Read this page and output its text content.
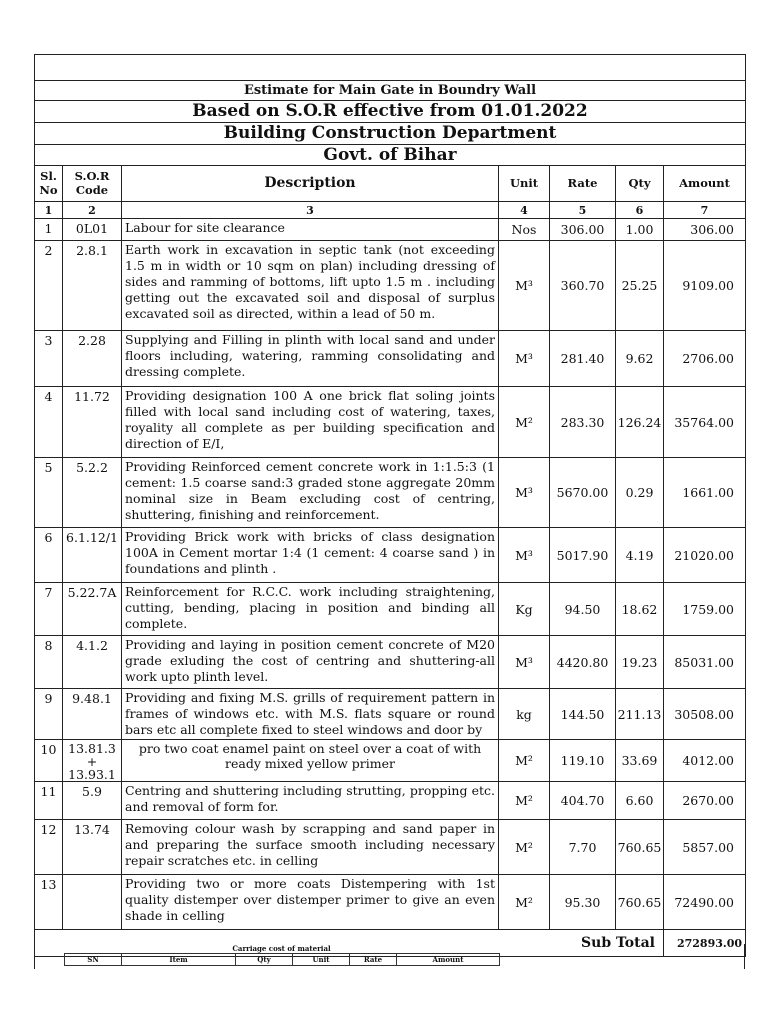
Estimate for Main Gate in Boundry Wall						
Based on S.O.R effective from 01.01.2022						
Building Construction Department						
Govt. of Bihar						
Sl. No	S.O.R Code	Description	Unit	Rate	Qty	Amount
1	2	3	4	5	6	7
1	0L01	Labour for site clearance	Nos	306.00	1.00	306.00
2	2.8.1	Earth work in excavation in septic tank (not exceeding 1.5 m in width or 10 sqm on plan) including dressing of sides and ramming of bottoms, lift upto 1.5 m . including getting out the excavated soil and disposal of surplus excavated soil as directed, within a lead of 50 m.	M³	360.70	25.25	9109.00
3	2.28	Supplying and Filling in plinth with local sand and under floors including, watering, ramming consolidating and dressing complete.	M³	281.40	9.62	2706.00
4	11.72	Providing designation 100 A one brick flat soling joints filled with local sand including cost of watering, taxes, royality all complete as per building specification and direction of E/I,	M²	283.30	126.24	35764.00
5	5.2.2	Providing Reinforced cement concrete work in 1:1.5:3 (1 cement: 1.5 coarse sand:3 graded stone aggregate 20mm nominal size in Beam excluding cost of centring, shuttering, finishing and reinforcement.	M³	5670.00	0.29	1661.00
6	6.1.12/1	Providing Brick work with bricks of class designation 100A in Cement mortar 1:4 (1 cement: 4 coarse sand ) in foundations and plinth .	M³	5017.90	4.19	21020.00
7	5.22.7A	Reinforcement for R.C.C. work including straightening, cutting, bending, placing in position and binding all complete.	Kg	94.50	18.62	1759.00
8	4.1.2	Providing and laying in position cement concrete of M20 grade exluding the cost of centring and shuttering-all work upto plinth level.	M³	4420.80	19.23	85031.00
9	9.48.1	Providing and fixing M.S. grills of requirement pattern in frames of windows etc. with M.S. flats square or round bars etc all complete fixed to steel windows and door by	kg	144.50	211.13	30508.00
10	13.81.3 + 13.93.1	pro two coat enamel paint on steel over a coat of with ready mixed yellow primer	M²	119.10	33.69	4012.00
11	5.9	Centring and shuttering including strutting, propping etc. and removal of form for.	M²	404.70	6.60	2670.00
12	13.74	Removing colour wash by scrapping and sand paper in and preparing the surface smooth including necessary repair scratches etc. in celling	M²	7.70	760.65	5857.00
13		Providing two or more coats Distempering with 1st quality distemper over distemper primer to give an even shade in celling	M²	95.30	760.65	72490.00
Sub Total						272893.00
Carriage cost of material
SN	Item	Qty	Unit	Rate	Amount
